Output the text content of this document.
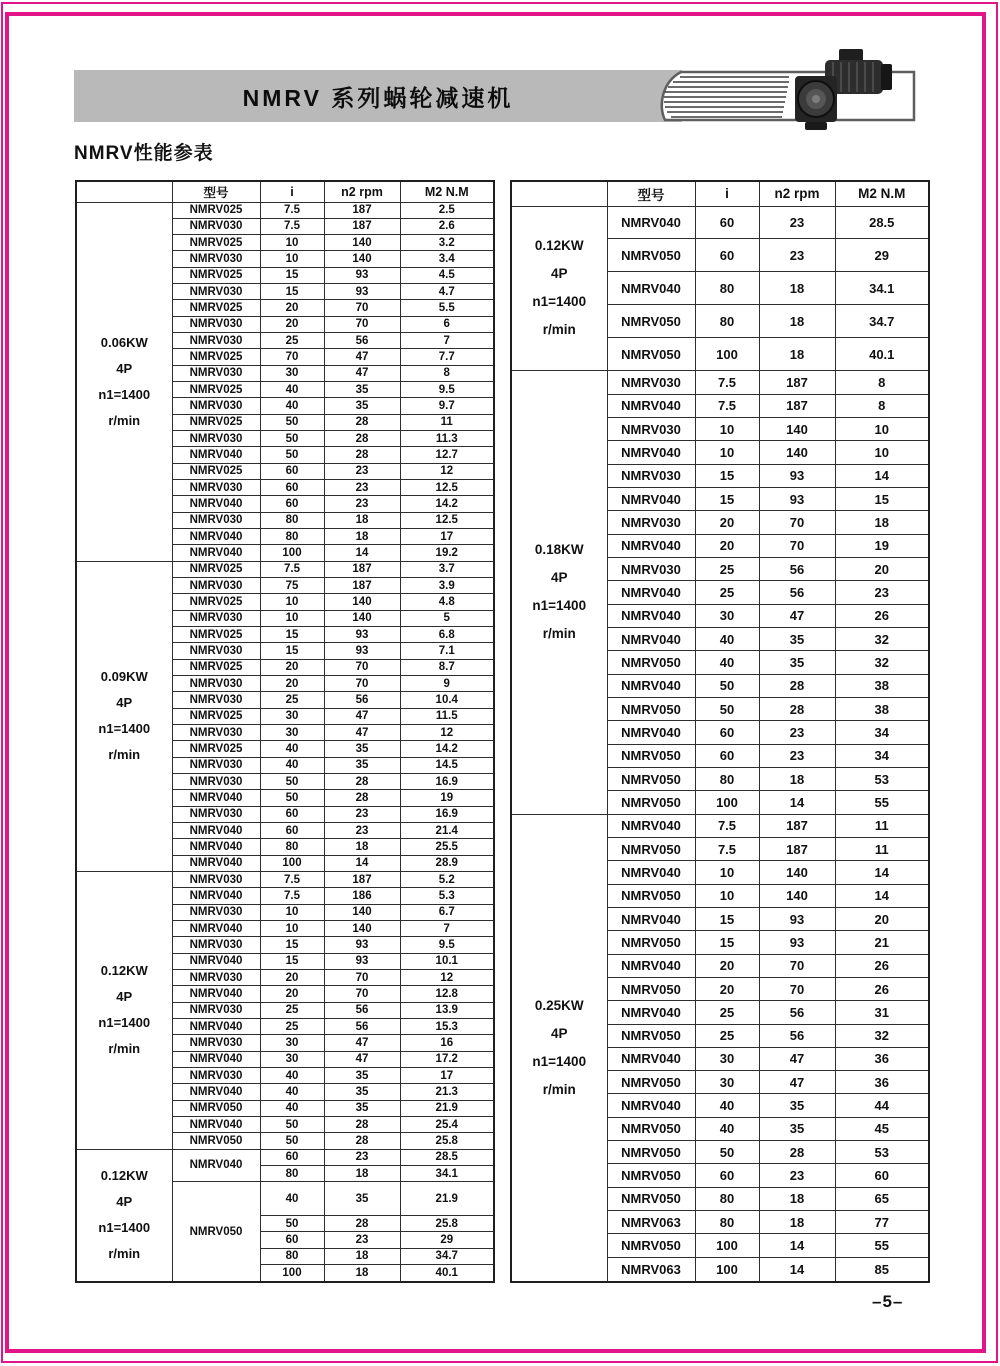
NMRV 系列蜗轮减速机
NMRV性能参表
	型号	i	n2 rpm	M2 N.M

0.06KW
4P
n1=1400
r/min	NMRV025	7.5	187	2.5
	NMRV030	7.5	187	2.6
	NMRV025	10	140	3.2
	NMRV030	10	140	3.4
	NMRV025	15	93	4.5
	NMRV030	15	93	4.7
	NMRV025	20	70	5.5
	NMRV030	20	70	6
	NMRV030	25	56	7
	NMRV025	70	47	7.7
	NMRV030	30	47	8
	NMRV025	40	35	9.5
	NMRV030	40	35	9.7
	NMRV025	50	28	11
	NMRV030	50	28	11.3
	NMRV040	50	28	12.7
	NMRV025	60	23	12
	NMRV030	60	23	12.5
	NMRV040	60	23	14.2
	NMRV030	80	18	12.5
	NMRV040	80	18	17
	NMRV040	100	14	19.2

0.09KW
4P
n1=1400
r/min	NMRV025	7.5	187	3.7
	NMRV030	75	187	3.9
	NMRV025	10	140	4.8
	NMRV030	10	140	5
	NMRV025	15	93	6.8
	NMRV030	15	93	7.1
	NMRV025	20	70	8.7
	NMRV030	20	70	9
	NMRV030	25	56	10.4
	NMRV025	30	47	11.5
	NMRV030	30	47	12
	NMRV025	40	35	14.2
	NMRV030	40	35	14.5
	NMRV030	50	28	16.9
	NMRV040	50	28	19
	NMRV030	60	23	16.9
	NMRV040	60	23	21.4
	NMRV040	80	18	25.5
	NMRV040	100	14	28.9

0.12KW
4P
n1=1400
r/min	NMRV030	7.5	187	5.2
	NMRV040	7.5	186	5.3
	NMRV030	10	140	6.7
	NMRV040	10	140	7
	NMRV030	15	93	9.5
	NMRV040	15	93	10.1
	NMRV030	20	70	12
	NMRV040	20	70	12.8
	NMRV030	25	56	13.9
	NMRV040	25	56	15.3
	NMRV030	30	47	16
	NMRV040	30	47	17.2
	NMRV030	40	35	17
	NMRV040	40	35	21.3
	NMRV050	40	35	21.9
	NMRV040	50	28	25.4
	NMRV050	50	28	25.8

0.12KW
4P
n1=1400
r/min	NMRV040	60	23	28.5
		80	18	34.1
	NMRV050	40	35	21.9
		50	28	25.8
		60	23	29
		80	18	34.7
		100	18	40.1
	型号	i	n2 rpm	M2 N.M

0.12KW
4P
n1=1400
r/min	NMRV040	60	23	28.5
	NMRV050	60	23	29
	NMRV040	80	18	34.1
	NMRV050	80	18	34.7
	NMRV050	100	18	40.1

0.18KW
4P
n1=1400
r/min	NMRV030	7.5	187	8
	NMRV040	7.5	187	8
	NMRV030	10	140	10
	NMRV040	10	140	10
	NMRV030	15	93	14
	NMRV040	15	93	15
	NMRV030	20	70	18
	NMRV040	20	70	19
	NMRV030	25	56	20
	NMRV040	25	56	23
	NMRV040	30	47	26
	NMRV040	40	35	32
	NMRV050	40	35	32
	NMRV040	50	28	38
	NMRV050	50	28	38
	NMRV040	60	23	34
	NMRV050	60	23	34
	NMRV050	80	18	53
	NMRV050	100	14	55

0.25KW
4P
n1=1400
r/min	NMRV040	7.5	187	11
	NMRV050	7.5	187	11
	NMRV040	10	140	14
	NMRV050	10	140	14
	NMRV040	15	93	20
	NMRV050	15	93	21
	NMRV040	20	70	26
	NMRV050	20	70	26
	NMRV040	25	56	31
	NMRV050	25	56	32
	NMRV040	30	47	36
	NMRV050	30	47	36
	NMRV040	40	35	44
	NMRV050	40	35	45
	NMRV050	50	28	53
	NMRV050	60	23	60
	NMRV050	80	18	65
	NMRV063	80	18	77
	NMRV050	100	14	55
	NMRV063	100	14	85
–5–
